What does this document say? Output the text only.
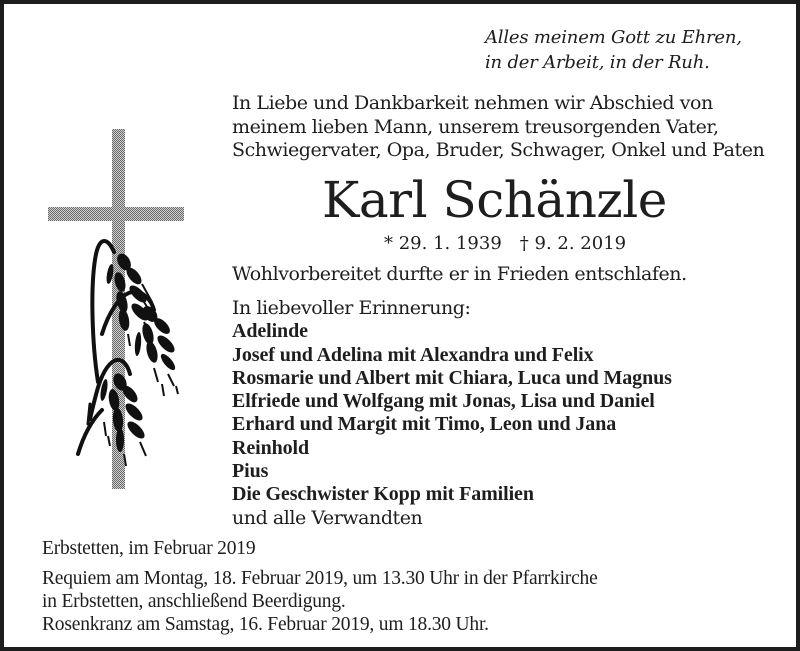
Alles meinem Gott zu Ehren,
in der Arbeit, in der Ruh.
In Liebe und Dankbarkeit nehmen wir Abschied von
meinem lieben Mann, unserem treusorgenden Vater,
Schwiegervater, Opa, Bruder, Schwager, Onkel und Paten
Karl Schänzle
* 29. 1. 1939 † 9. 2. 2019
Wohlvorbereitet durfte er in Frieden entschlafen.
In liebevoller Erinnerung:
Adelinde
Josef und Adelina mit Alexandra und Felix
Rosmarie und Albert mit Chiara, Luca und Magnus
Elfriede und Wolfgang mit Jonas, Lisa und Daniel
Erhard und Margit mit Timo, Leon und Jana
Reinhold
Pius
Die Geschwister Kopp mit Familien
und alle Verwandten
Erbstetten, im Februar 2019
Requiem am Montag, 18. Februar 2019, um 13.30 Uhr in der Pfarrkirche
in Erbstetten, anschließend Beerdigung.
Rosenkranz am Samstag, 16. Februar 2019, um 18.30 Uhr.
